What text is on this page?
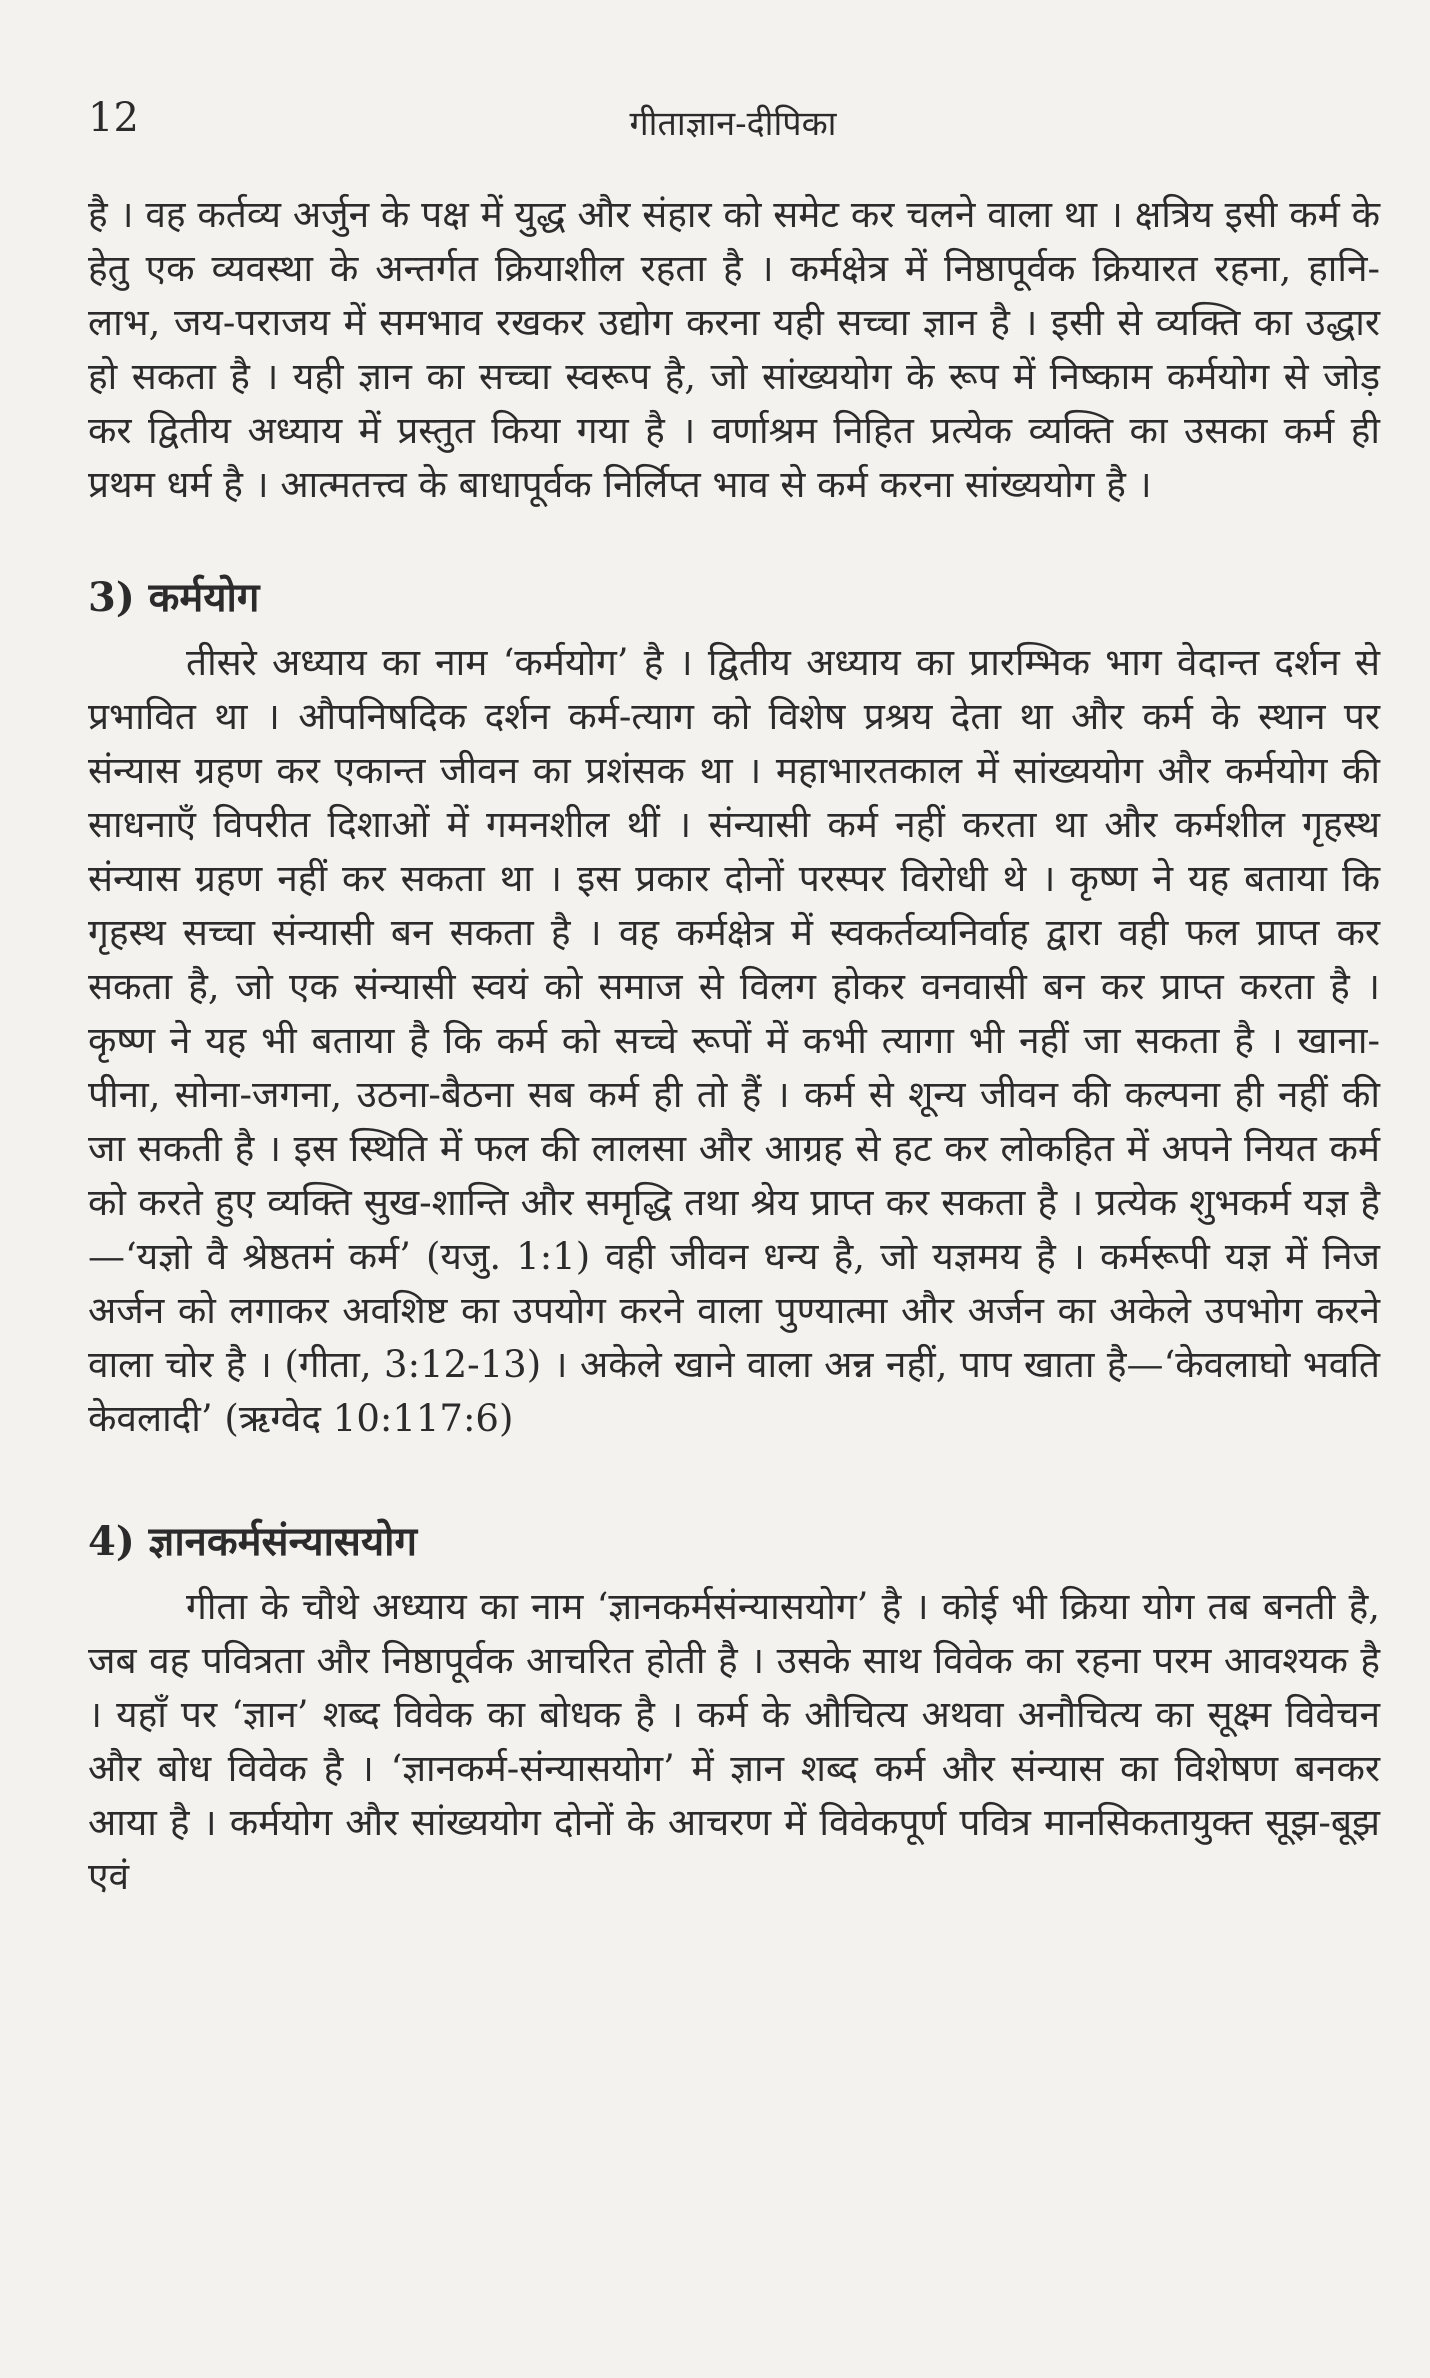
12	गीताज्ञान-दीपिका

है । वह कर्तव्य अर्जुन के पक्ष में युद्ध और संहार को समेट कर चलने वाला था । क्षत्रिय इसी कर्म के हेतु एक व्यवस्था के अन्तर्गत क्रियाशील रहता है । कर्मक्षेत्र में निष्ठापूर्वक क्रियारत रहना, हानि-लाभ, जय-पराजय में समभाव रखकर उद्योग करना यही सच्चा ज्ञान है । इसी से व्यक्ति का उद्धार हो सकता है । यही ज्ञान का सच्चा स्वरूप है, जो सांख्ययोग के रूप में निष्काम कर्मयोग से जोड़ कर द्वितीय अध्याय में प्रस्तुत किया गया है । वर्णाश्रम निहित प्रत्येक व्यक्ति का उसका कर्म ही प्रथम धर्म है । आत्मतत्त्व के बाधापूर्वक निर्लिप्त भाव से कर्म करना सांख्ययोग है ।

3) कर्मयोग

तीसरे अध्याय का नाम ‘कर्मयोग’ है । द्वितीय अध्याय का प्रारम्भिक भाग वेदान्त दर्शन से प्रभावित था । औपनिषदिक दर्शन कर्म-त्याग को विशेष प्रश्रय देता था और कर्म के स्थान पर संन्यास ग्रहण कर एकान्त जीवन का प्रशंसक था । महाभारतकाल में सांख्ययोग और कर्मयोग की साधनाएँ विपरीत दिशाओं में गमनशील थीं । संन्यासी कर्म नहीं करता था और कर्मशील गृहस्थ संन्यास ग्रहण नहीं कर सकता था । इस प्रकार दोनों परस्पर विरोधी थे । कृष्ण ने यह बताया कि गृहस्थ सच्चा संन्यासी बन सकता है । वह कर्मक्षेत्र में स्वकर्तव्यनिर्वाह द्वारा वही फल प्राप्त कर सकता है, जो एक संन्यासी स्वयं को समाज से विलग होकर वनवासी बन कर प्राप्त करता है । कृष्ण ने यह भी बताया है कि कर्म को सच्चे रूपों में कभी त्यागा भी नहीं जा सकता है । खाना-पीना, सोना-जगना, उठना-बैठना सब कर्म ही तो हैं । कर्म से शून्य जीवन की कल्पना ही नहीं की जा सकती है । इस स्थिति में फल की लालसा और आग्रह से हट कर लोकहित में अपने नियत कर्म को करते हुए व्यक्ति सुख-शान्ति और समृद्धि तथा श्रेय प्राप्त कर सकता है । प्रत्येक शुभकर्म यज्ञ है—‘यज्ञो वै श्रेष्ठतमं कर्म’ (यजु. 1:1) वही जीवन धन्य है, जो यज्ञमय है । कर्मरूपी यज्ञ में निज अर्जन को लगाकर अवशिष्ट का उपयोग करने वाला पुण्यात्मा और अर्जन का अकेले उपभोग करने वाला चोर है । (गीता, 3:12-13) । अकेले खाने वाला अन्न नहीं, पाप खाता है—‘केवलाघो भवति केवलादी’ (ऋग्वेद 10:117:6)

4) ज्ञानकर्मसंन्यासयोग

गीता के चौथे अध्याय का नाम ‘ज्ञानकर्मसंन्यासयोग’ है । कोई भी क्रिया योग तब बनती है, जब वह पवित्रता और निष्ठापूर्वक आचरित होती है । उसके साथ विवेक का रहना परम आवश्यक है । यहाँ पर ‘ज्ञान’ शब्द विवेक का बोधक है । कर्म के औचित्य अथवा अनौचित्य का सूक्ष्म विवेचन और बोध विवेक है । ‘ज्ञानकर्म-संन्यासयोग’ में ज्ञान शब्द कर्म और संन्यास का विशेषण बनकर आया है । कर्मयोग और सांख्ययोग दोनों के आचरण में विवेकपूर्ण पवित्र मानसिकतायुक्त सूझ-बूझ एवं
